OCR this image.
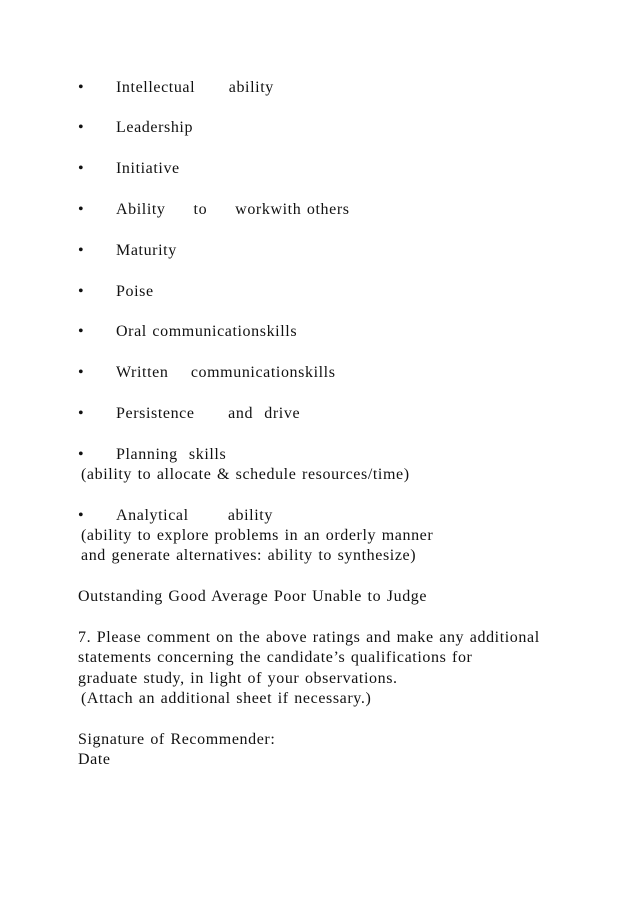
•

Intellectual      ability

•

Leadership

•

Initiative

•

Ability     to     workwith others

•

Maturity

•

Poise

•

Oral communicationskills

•

Written    communicationskills

•

Persistence      and  drive

•

Planning  skills

(ability to allocate & schedule resources/time)

•

Analytical       ability

(ability to explore problems in an orderly manner
and generate alternatives: ability to synthesize)
Outstanding Good Average Poor Unable to Judge
7. Please comment on the above ratings and make any additional
statements concerning the candidate’s qualifications for
graduate study, in light of your observations.
(Attach an additional sheet if necessary.)
Signature of Recommender:
Date
